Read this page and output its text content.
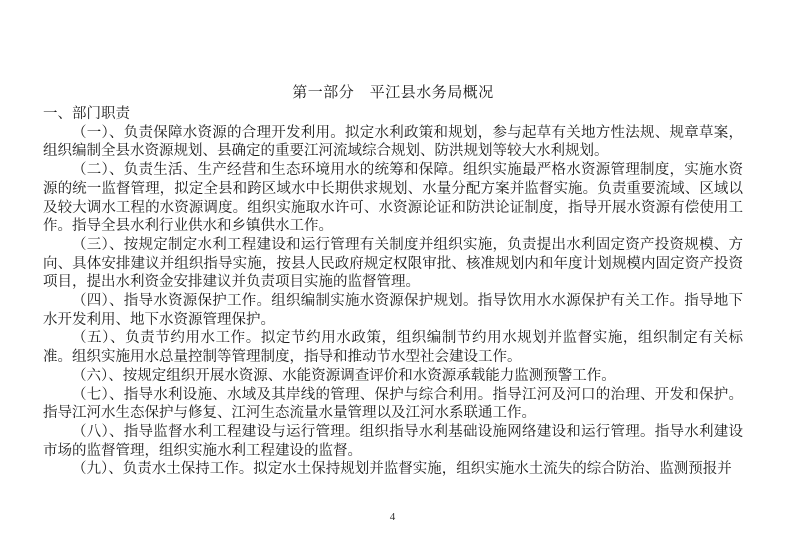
第一部分　平江县水务局概况
一、部门职责

（一）、负责保障水资源的合理开发利用。拟定水利政策和规划，参与起草有关地方性法规、规章草案，组织编制全县水资源规划、县确定的重要江河流域综合规划、防洪规划等较大水利规划。

（二）、负责生活、生产经营和生态环境用水的统筹和保障。组织实施最严格水资源管理制度，实施水资源的统一监督管理，拟定全县和跨区域水中长期供求规划、水量分配方案并监督实施。负责重要流域、区域以及较大调水工程的水资源调度。组织实施取水许可、水资源论证和防洪论证制度，指导开展水资源有偿使用工作。指导全县水利行业供水和乡镇供水工作。

（三）、按规定制定水利工程建设和运行管理有关制度并组织实施，负责提出水利固定资产投资规模、方向、具体安排建议并组织指导实施，按县人民政府规定权限审批、核准规划内和年度计划规模内固定资产投资项目，提出水利资金安排建议并负责项目实施的监督管理。

（四）、指导水资源保护工作。组织编制实施水资源保护规划。指导饮用水水源保护有关工作。指导地下水开发利用、地下水资源管理保护。

（五）、负责节约用水工作。拟定节约用水政策，组织编制节约用水规划并监督实施，组织制定有关标准。组织实施用水总量控制等管理制度，指导和推动节水型社会建设工作。

（六）、按规定组织开展水资源、水能资源调查评价和水资源承载能力监测预警工作。

（七）、指导水利设施、水域及其岸线的管理、保护与综合利用。指导江河及河口的治理、开发和保护。指导江河水生态保护与修复、江河生态流量水量管理以及江河水系联通工作。

（八）、指导监督水利工程建设与运行管理。组织指导水利基础设施网络建设和运行管理。指导水利建设市场的监督管理，组织实施水利工程建设的监督。

（九）、负责水土保持工作。拟定水土保持规划并监督实施，组织实施水土流失的综合防治、监测预报并

4
